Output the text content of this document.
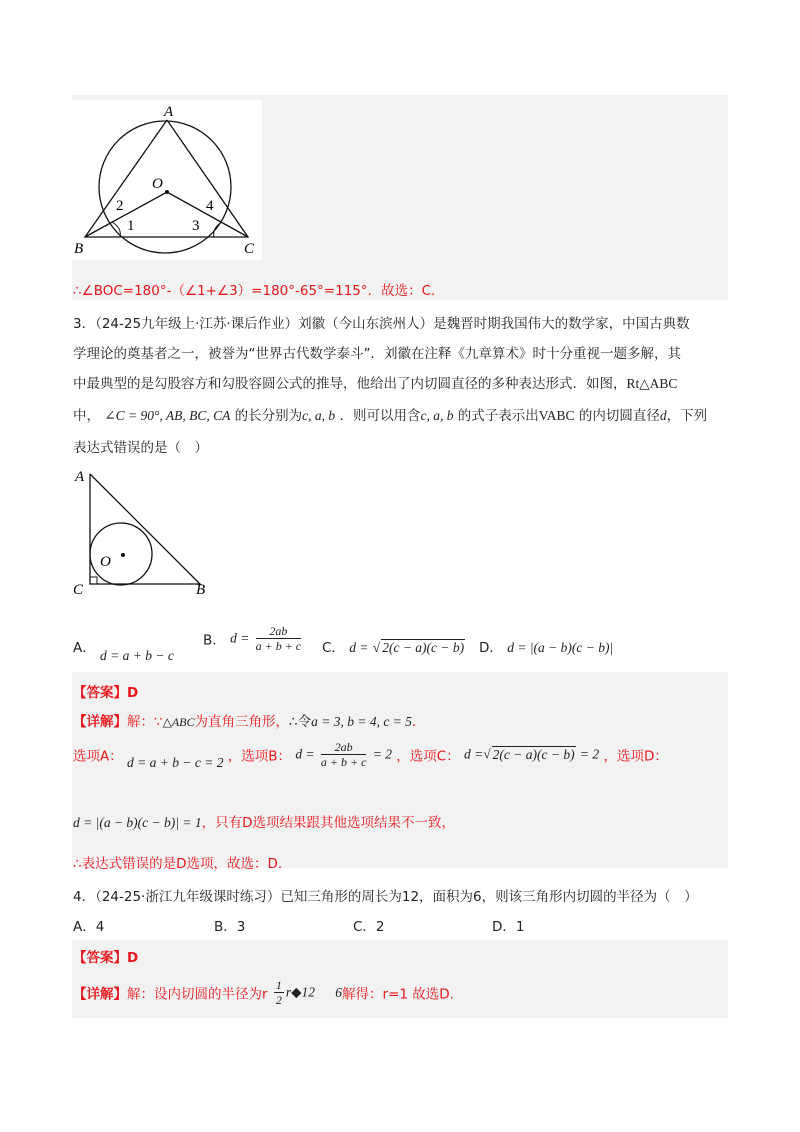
A
O
B	C
1
2
3
4
∴∠BOC=180°-（∠1+∠3）=180°-65°=115°．故选：C.
3．（24-25九年级上·江苏·课后作业）刘徽（今山东滨州人）是魏晋时期我国伟大的数学家，中国古典数
学理论的奠基者之一，被誉为“世界古代数学泰斗”．刘徽在注释《九章算术》时十分重视一题多解，其
中最典型的是勾股容方和勾股容圆公式的推导，他给出了内切圆直径的多种表达形式．如图，Rt△ABC
中， ∠C = 90°, AB, BC, CA 的长分别为c, a, b ．则可以用含c, a, b 的式子表示出VABC 的内切圆直径d，下列
表达式错误的是（　）
A
O
C	B
A． d = a + b − c
B． $d = \frac{2ab}{a + b + c}$ C． d = √ 2(c − a)(c − b) D． d = |(a − b)(c − b)|
【答案】D
【详解】解：∵△ABC为直角三角形，∴令a = 3, b = 4, c = 5.
选项A： d = a + b − c = 2 ，选项B： $d = \frac{2ab}{a + b + c} = 2$ ，选项C： d =√ 2(c − a)(c − b) = 2 ，选项D：
d = |(a − b)(c − b)| = 1，只有D选项结果跟其他选项结果不一致，
∴表达式错误的是D选项，故选：D.
4．（24-25·浙江九年级课时练习）已知三角形的周长为12，面积为6，则该三角形内切圆的半径为（　）
A．4	B．3	C．2	D．1
【答案】D
【详解】解：设内切圆的半径为r $\frac{1}{2}$ r◆12 6解得：r=1 故选D.
